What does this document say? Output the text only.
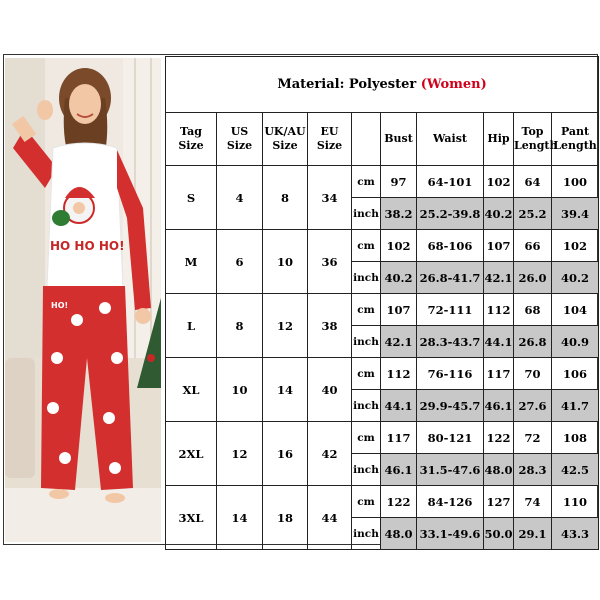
HO HO HO!
HO!
Material: Polyester (Women)									
Tag Size	US Size	UK/AU Size	EU Size		Bust	Waist	Hip	Top Length	Pant Length
S	4	8	34	cm	97	64-101	102	64	100
				inch	38.2	25.2-39.8	40.2	25.2	39.4
M	6	10	36	cm	102	68-106	107	66	102
				inch	40.2	26.8-41.7	42.1	26.0	40.2
L	8	12	38	cm	107	72-111	112	68	104
				inch	42.1	28.3-43.7	44.1	26.8	40.9
XL	10	14	40	cm	112	76-116	117	70	106
				inch	44.1	29.9-45.7	46.1	27.6	41.7
2XL	12	16	42	cm	117	80-121	122	72	108
				inch	46.1	31.5-47.6	48.0	28.3	42.5
3XL	14	18	44	cm	122	84-126	127	74	110
				inch	48.0	33.1-49.6	50.0	29.1	43.3
